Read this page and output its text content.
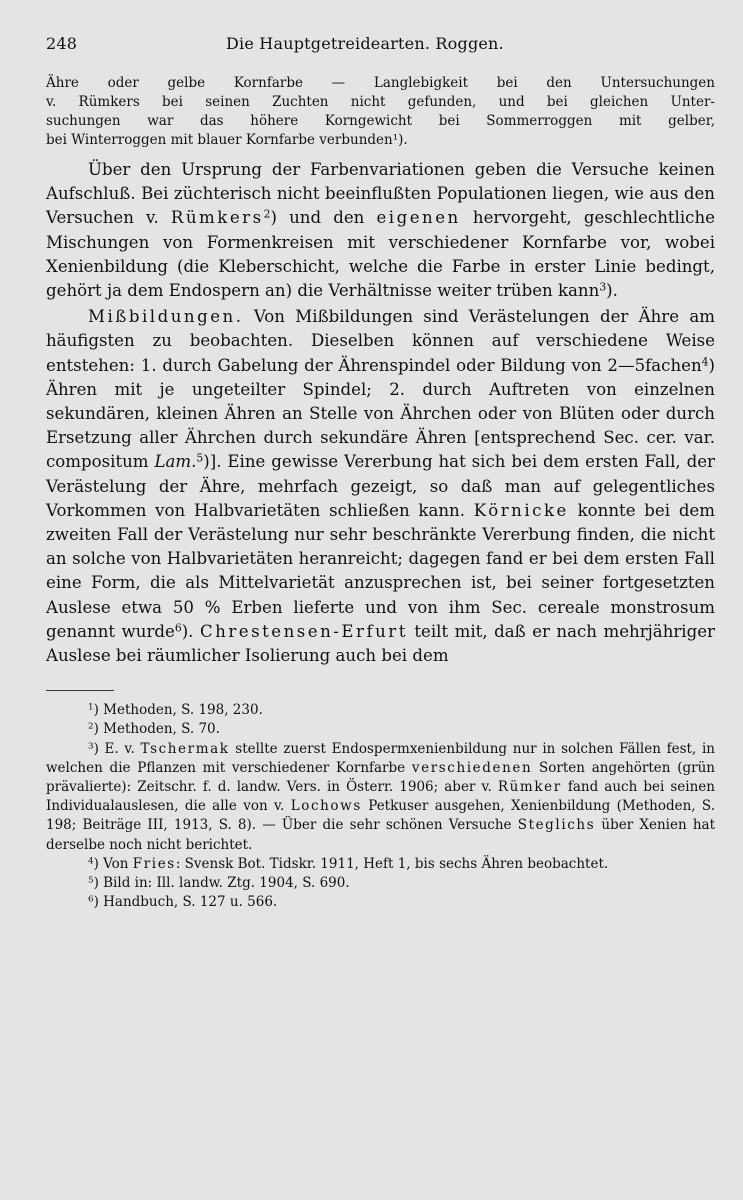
248	Die Hauptgetreidearten. Roggen.
Ähre oder gelbe Kornfarbe — Langlebigkeit bei den Untersuchungen
v. Rümkers bei seinen Zuchten nicht gefunden, und bei gleichen Unter-
suchungen war das höhere Korngewicht bei Sommerroggen mit gelber,
bei Winterroggen mit blauer Kornfarbe verbunden¹).

Über den Ursprung der Farbenvariationen geben die Versuche keinen Aufschluß. Bei züchterisch nicht beeinflußten Populationen liegen, wie aus den Versuchen v. Rümkers$^2$) und den eigenen hervorgeht, geschlechtliche Mischungen von Formenkreisen mit verschiedener Kornfarbe vor, wobei Xenienbildung (die Kleberschicht, welche die Farbe in erster Linie bedingt, gehört ja dem Endospern an) die Verhältnisse weiter trüben kann$^3$).

Mißbildungen. Von Mißbildungen sind Verästelungen der Ähre am häufigsten zu beobachten. Dieselben können auf verschiedene Weise entstehen: 1. durch Gabelung der Ährenspindel oder Bildung von 2—5fachen$^4$) Ähren mit je ungeteilter Spindel; 2. durch Auftreten von einzelnen sekundären, kleinen Ähren an Stelle von Ährchen oder von Blüten oder durch Ersetzung aller Ährchen durch sekundäre Ähren [entsprechend Sec. cer. var. compositum Lam.$^5$)]. Eine gewisse Vererbung hat sich bei dem ersten Fall, der Verästelung der Ähre, mehrfach gezeigt, so daß man auf gelegentliches Vorkommen von Halbvarietäten schließen kann. Körnicke konnte bei dem zweiten Fall der Verästelung nur sehr beschränkte Vererbung finden, die nicht an solche von Halbvarietäten heranreicht; dagegen fand er bei dem ersten Fall eine Form, die als Mittelvarietät anzusprechen ist, bei seiner fortgesetzten Auslese etwa 50 % Erben lieferte und von ihm Sec. cereale monstrosum genannt wurde$^6$). Chrestensen-Erfurt teilt mit, daß er nach mehrjähriger Auslese bei räumlicher Isolierung auch bei dem

$^1$) Methoden, S. 198, 230.

$^2$) Methoden, S. 70.

$^3$) E. v. Tschermak stellte zuerst Endospermxenienbildung nur in solchen Fällen fest, in welchen die Pflanzen mit verschiedener Kornfarbe verschiedenen Sorten angehörten (grün prävalierte): Zeitschr. f. d. landw. Vers. in Österr. 1906; aber v. Rümker fand auch bei seinen Individualauslesen, die alle von v. Lochows Petkuser ausgehen, Xenienbildung (Methoden, S. 198; Beiträge III, 1913, S. 8). — Über die sehr schönen Versuche Steglichs über Xenien hat derselbe noch nicht berichtet.

$^4$) Von Fries: Svensk Bot. Tidskr. 1911, Heft 1, bis sechs Ähren beobachtet.

$^5$) Bild in: Ill. landw. Ztg. 1904, S. 690.

$^6$) Handbuch, S. 127 u. 566.
